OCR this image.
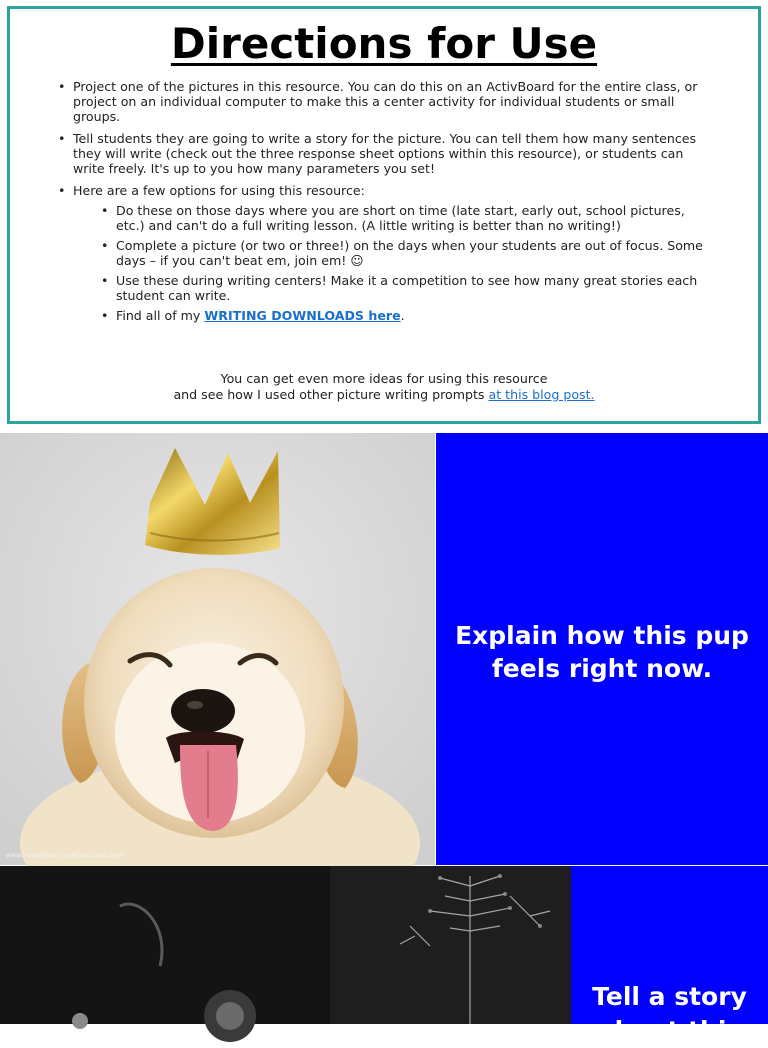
Directions for Use
• Project one of the pictures in this resource. You can do this on an ActivBoard for the entire class, or project on an individual computer to make this a center activity for individual students or small groups.
• Tell students they are going to write a story for the picture. You can tell them how many sentences they will write (check out the three response sheet options within this resource), or students can write freely. It's up to you how many parameters you set!
• Here are a few options for using this resource:
• Do these on those days where you are short on time (late start, early out, school pictures, etc.) and can't do a full writing lesson. (A little writing is better than no writing!)
• Complete a picture (or two or three!) on the days when your students are out of focus. Some days – if you can't beat em, join em! ☺
• Use these during writing centers! Make it a competition to see how many great stories each student can write.
• Find all of my WRITING DOWNLOADS here.
You can get even more ideas for using this resource
and see how I used other picture writing prompts at this blog post.
www.HappyTeachingAdventures.com
Explain how this pup feels right now.
Tell a story about this
